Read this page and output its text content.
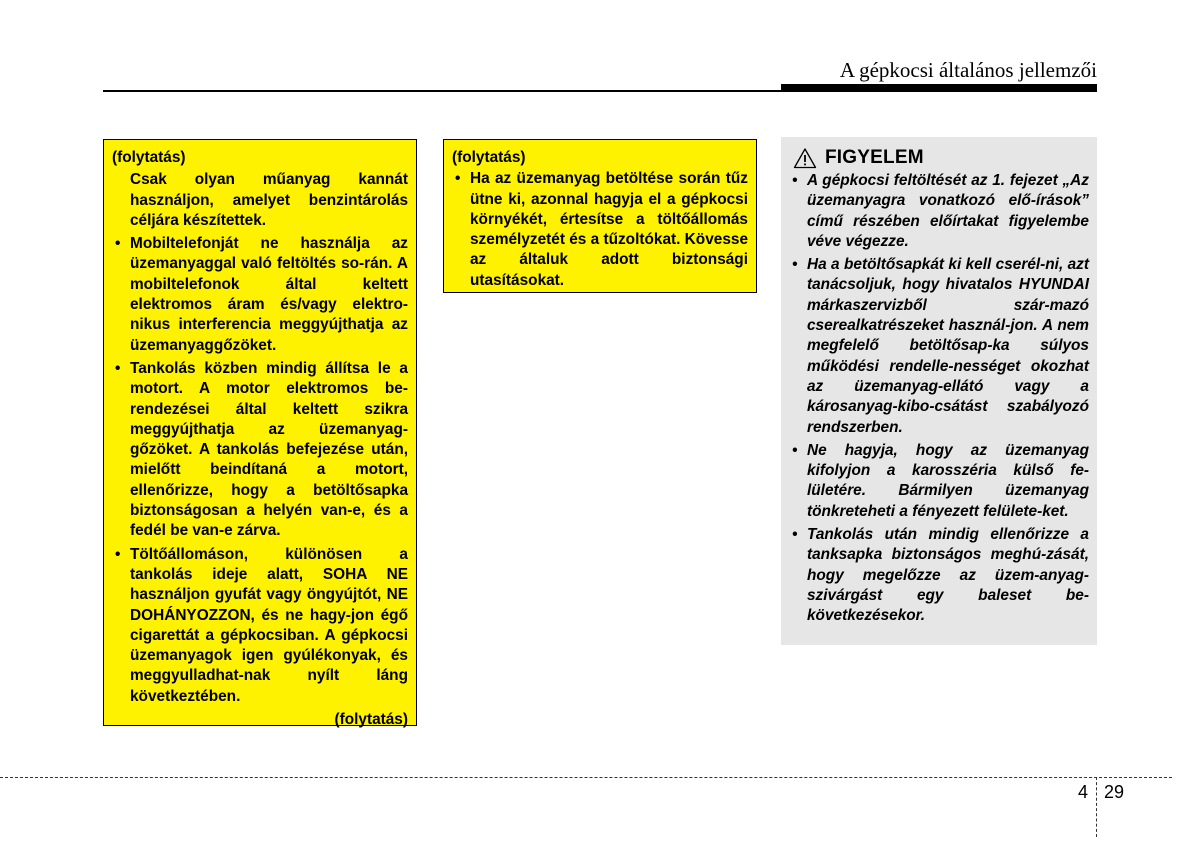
A gépkocsi általános jellemzői
(folytatás)
Csak olyan műanyag kannát használjon, amelyet benzintárolás céljára készítettek.
• Mobiltelefonját ne használja az üzemanyaggal való feltöltés so-rán. A mobiltelefonok által keltett elektromos áram és/vagy elektro-nikus interferencia meggyújthatja az üzemanyaggőzöket.
• Tankolás közben mindig állítsa le a motort. A motor elektromos be-rendezései által keltett szikra meggyújthatja az üzemanyag-gőzöket. A tankolás befejezése után, mielőtt beindítaná a motort, ellenőrizze, hogy a betöltősapka biztonságosan a helyén van-e, és a fedél be van-e zárva.
• Töltőállomáson, különösen a tankolás ideje alatt, SOHA NE használjon gyufát vagy öngyújtót, NE DOHÁNYOZZON, és ne hagy-jon égő cigarettát a gépkocsiban. A gépkocsi üzemanyagok igen gyúlékonyak, és meggyulladhat-nak nyílt láng következtében.
(folytatás)
(folytatás)
• Ha az üzemanyag betöltése során tűz ütne ki, azonnal hagyja el a gépkocsi környékét, értesítse a töltőállomás személyzetét és a tűzoltókat. Kövesse az általuk adott biztonsági utasításokat.
FIGYELEM
• A gépkocsi feltöltését az 1. fejezet „Az üzemanyagra vonatkozó elő-írások” című részében előírtakat figyelembe véve végezze.
• Ha a betöltősapkát ki kell cserél-ni, azt tanácsoljuk, hogy hivatalos HYUNDAI márkaszervizből szár-mazó cserealkatrészeket használ-jon. A nem megfelelő betöltősap-ka súlyos működési rendelle-nességet okozhat az üzemanyag-ellátó vagy a károsanyag-kibo-csátást szabályozó rendszerben.
• Ne hagyja, hogy az üzemanyag kifolyjon a karosszéria külső fe-lületére. Bármilyen üzemanyag tönkreteheti a fényezett felülete-ket.
• Tankolás után mindig ellenőrizze a tanksapka biztonságos meghú-zását, hogy megelőzze az üzem-anyag-szivárgást egy baleset be-következésekor.
4 29
